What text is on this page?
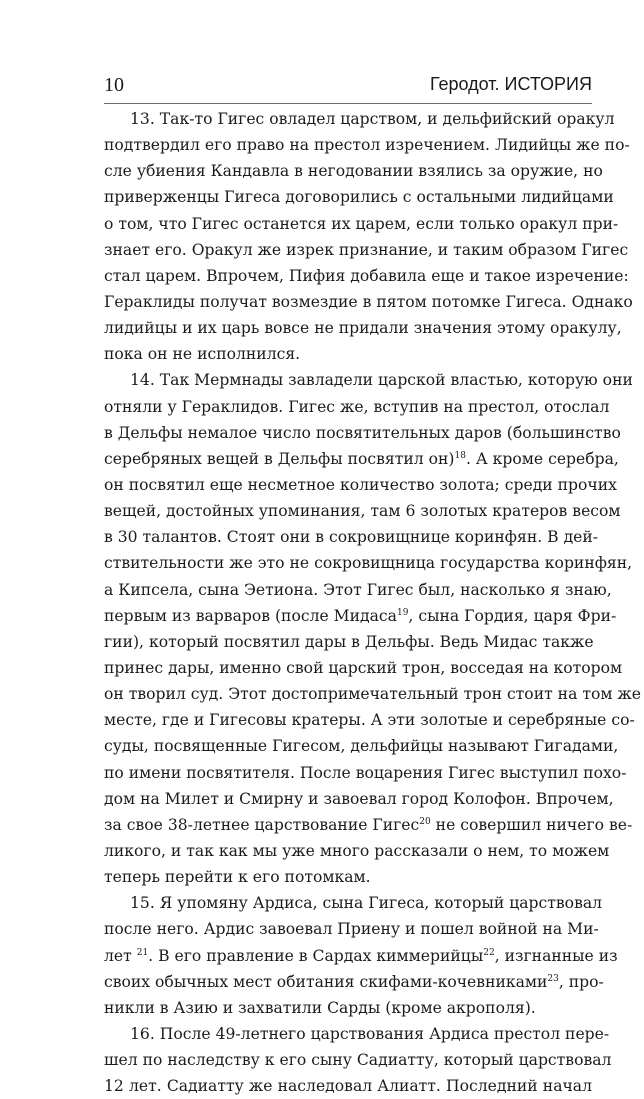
10	Геродот. ИСТОРИЯ
13. Так-то Гигес овладел царством, и дельфийский оракул
подтвердил его право на престол изречением. Лидийцы же по-
сле убиения Кандавла в негодовании взялись за оружие, но
приверженцы Гигеса договорились с остальными лидийцами
о том, что Гигес останется их царем, если только оракул при-
знает его. Оракул же изрек признание, и таким образом Гигес
стал царем. Впрочем, Пифия добавила еще и такое изречение:
Гераклиды получат возмездие в пятом потомке Гигеса. Однако
лидийцы и их царь вовсе не придали значения этому оракулу,
пока он не исполнился.
14. Так Мермнады завладели царской властью, которую они
отняли у Гераклидов. Гигес же, вступив на престол, отослал
в Дельфы немалое число посвятительных даров (большинство
серебряных вещей в Дельфы посвятил он)$^{18}$. А кроме серебра,
он посвятил еще несметное количество золота; среди прочих
вещей, достойных упоминания, там 6 золотых кратеров весом
в 30 талантов. Стоят они в сокровищнице коринфян. В дей-
ствительности же это не сокровищница государства коринфян,
а Кипсела, сына Эетиона. Этот Гигес был, насколько я знаю,
первым из варваров (после Мидаса$^{19}$, сына Гордия, царя Фри-
гии), который посвятил дары в Дельфы. Ведь Мидас также
принес дары, именно свой царский трон, восседая на котором
он творил суд. Этот достопримечательный трон стоит на том же
месте, где и Гигесовы кратеры. А эти золотые и серебряные со-
суды, посвященные Гигесом, дельфийцы называют Гигадами,
по имени посвятителя. После воцарения Гигес выступил похо-
дом на Милет и Смирну и завоевал город Колофон. Впрочем,
за свое 38-летнее царствование Гигес$^{20}$ не совершил ничего ве-
ликого, и так как мы уже много рассказали о нем, то можем
теперь перейти к его потомкам.
15. Я упомяну Ардиса, сына Гигеса, который царствовал
после него. Ардис завоевал Приену и пошел войной на Ми-
лет $^{21}$. В его правление в Сардах киммерийцы$^{22}$, изгнанные из
своих обычных мест обитания скифами-кочевниками$^{23}$, про-
никли в Азию и захватили Сарды (кроме акрополя).
16. После 49-летнего царствования Ардиса престол пере-
шел по наследству к его сыну Садиатту, который царствовал
12 лет. Садиатту же наследовал Алиатт. Последний начал
